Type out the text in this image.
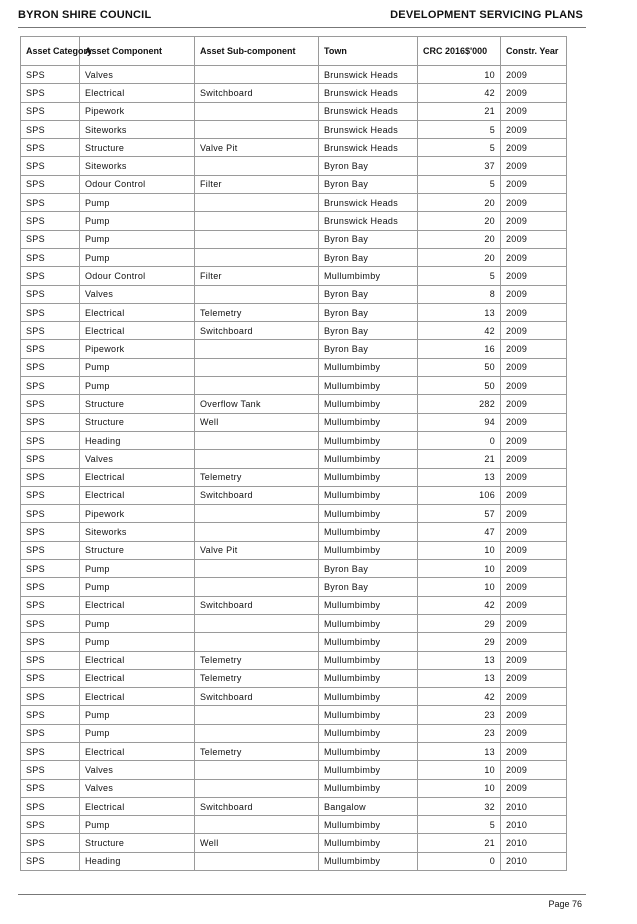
BYRON SHIRE COUNCIL	DEVELOPMENT SERVICING PLANS
Asset Category	Asset Component	Asset Sub-component	Town	CRC 2016$'000	Constr. Year
SPS	Valves		Brunswick Heads	10	2009
SPS	Electrical	Switchboard	Brunswick Heads	42	2009
SPS	Pipework		Brunswick Heads	21	2009
SPS	Siteworks		Brunswick Heads	5	2009
SPS	Structure	Valve Pit	Brunswick Heads	5	2009
SPS	Siteworks		Byron Bay	37	2009
SPS	Odour Control	Filter	Byron Bay	5	2009
SPS	Pump		Brunswick Heads	20	2009
SPS	Pump		Brunswick Heads	20	2009
SPS	Pump		Byron Bay	20	2009
SPS	Pump		Byron Bay	20	2009
SPS	Odour Control	Filter	Mullumbimby	5	2009
SPS	Valves		Byron Bay	8	2009
SPS	Electrical	Telemetry	Byron Bay	13	2009
SPS	Electrical	Switchboard	Byron Bay	42	2009
SPS	Pipework		Byron Bay	16	2009
SPS	Pump		Mullumbimby	50	2009
SPS	Pump		Mullumbimby	50	2009
SPS	Structure	Overflow Tank	Mullumbimby	282	2009
SPS	Structure	Well	Mullumbimby	94	2009
SPS	Heading		Mullumbimby	0	2009
SPS	Valves		Mullumbimby	21	2009
SPS	Electrical	Telemetry	Mullumbimby	13	2009
SPS	Electrical	Switchboard	Mullumbimby	106	2009
SPS	Pipework		Mullumbimby	57	2009
SPS	Siteworks		Mullumbimby	47	2009
SPS	Structure	Valve Pit	Mullumbimby	10	2009
SPS	Pump		Byron Bay	10	2009
SPS	Pump		Byron Bay	10	2009
SPS	Electrical	Switchboard	Mullumbimby	42	2009
SPS	Pump		Mullumbimby	29	2009
SPS	Pump		Mullumbimby	29	2009
SPS	Electrical	Telemetry	Mullumbimby	13	2009
SPS	Electrical	Telemetry	Mullumbimby	13	2009
SPS	Electrical	Switchboard	Mullumbimby	42	2009
SPS	Pump		Mullumbimby	23	2009
SPS	Pump		Mullumbimby	23	2009
SPS	Electrical	Telemetry	Mullumbimby	13	2009
SPS	Valves		Mullumbimby	10	2009
SPS	Valves		Mullumbimby	10	2009
SPS	Electrical	Switchboard	Bangalow	32	2010
SPS	Pump		Mullumbimby	5	2010
SPS	Structure	Well	Mullumbimby	21	2010
SPS	Heading		Mullumbimby	0	2010
Page 76
